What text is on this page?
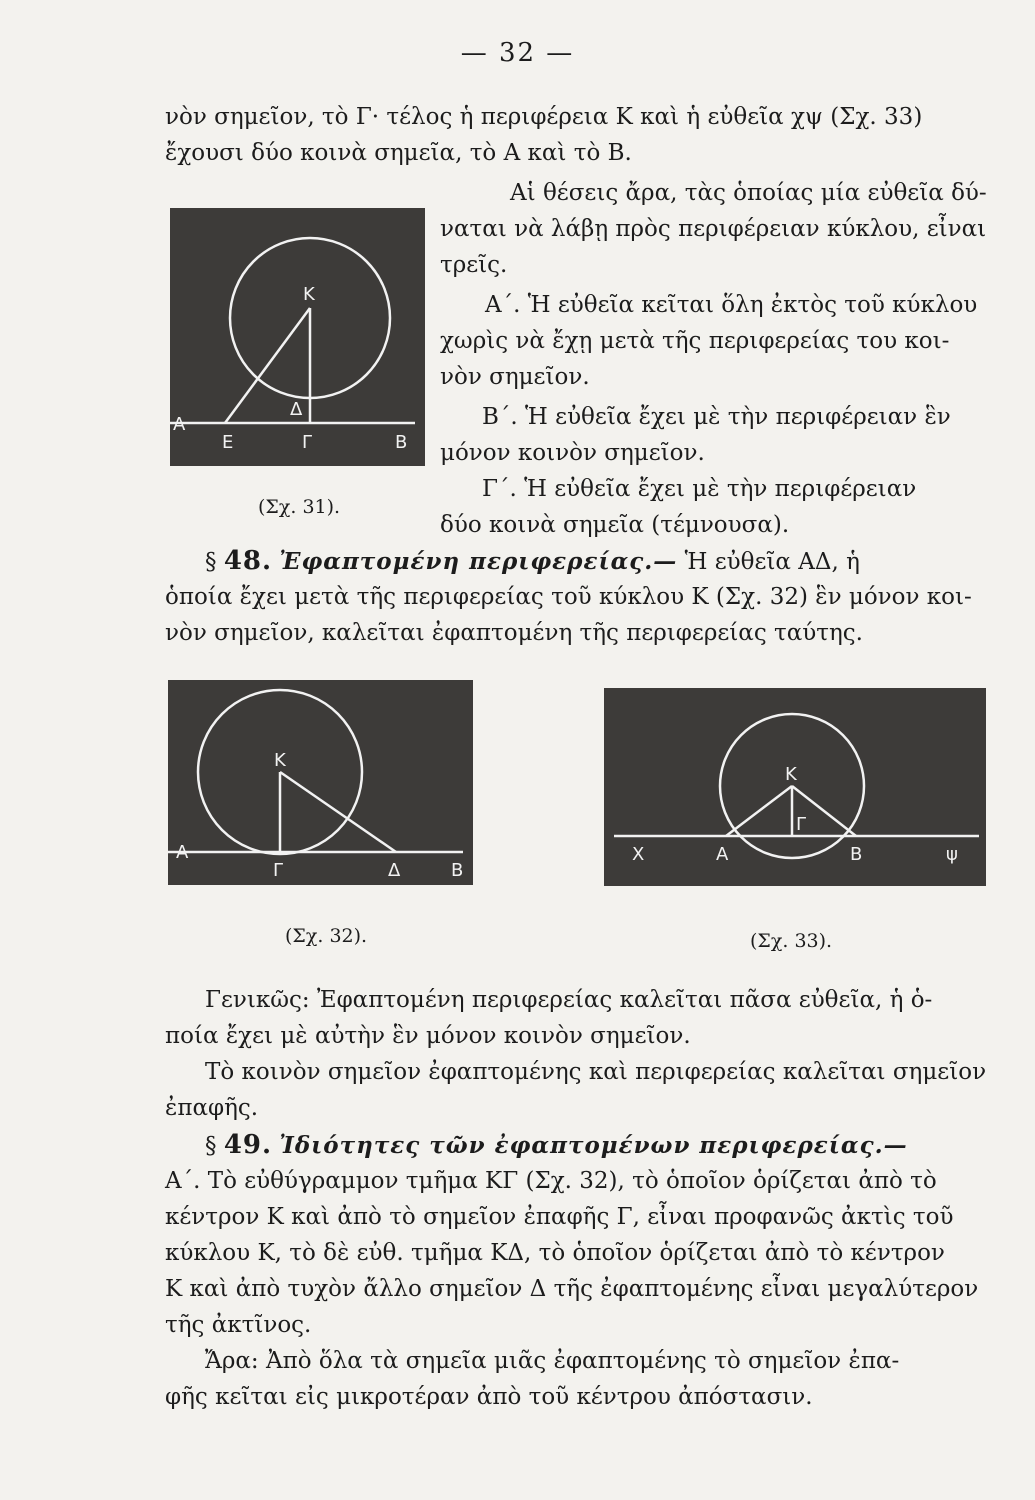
— 32 —
νὸν σημεῖον, τὸ Γ· τέλος ἡ περιφέρεια Κ καὶ ἡ εὐθεῖα χψ (Σχ. 33)
ἔχουσι δύο κοινὰ σημεῖα, τὸ Α καὶ τὸ Β.
Κ
Α
Ε	Γ	Β
Δ
(Σχ. 31).
Αἱ θέσεις ἄρα, τὰς ὁποίας μία εὐθεῖα δύ-
ναται νὰ λάβῃ πρὸς περιφέρειαν κύκλου, εἶναι
τρεῖς.
Α΄. Ἡ εὐθεῖα κεῖται ὅλη ἐκτὸς τοῦ κύκλου
χωρὶς νὰ ἔχῃ μετὰ τῆς περιφερείας του κοι-
νὸν σημεῖον.
Β΄. Ἡ εὐθεῖα ἔχει μὲ τὴν περιφέρειαν ἓν
μόνον κοινὸν σημεῖον.
Γ΄. Ἡ εὐθεῖα ἔχει μὲ τὴν περιφέρειαν
δύο κοινὰ σημεῖα (τέμνουσα).
§ 48. Ἐφαπτομένη περιφερείας.— Ἡ εὐθεῖα ΑΔ, ἡ
ὁποία ἔχει μετὰ τῆς περιφερείας τοῦ κύκλου Κ (Σχ. 32) ἓν μόνον κοι-
νὸν σημεῖον, καλεῖται ἐφαπτομένη τῆς περιφερείας ταύτης.
Κ
Α
Γ	Δ	Β
(Σχ. 32).
Κ
Χ	Α
Γ
Β	ψ
(Σχ. 33).
Γενικῶς: Ἐφαπτομένη περιφερείας καλεῖται πᾶσα εὐθεῖα, ἡ ὁ-
ποία ἔχει μὲ αὐτὴν ἓν μόνον κοινὸν σημεῖον.
Τὸ κοινὸν σημεῖον ἐφαπτομένης καὶ περιφερείας καλεῖται σημεῖον
ἐπαφῆς.
§ 49. Ἰδιότητες τῶν ἐφαπτομένων περιφερείας.—
Α΄. Τὸ εὐθύγραμμον τμῆμα ΚΓ (Σχ. 32), τὸ ὁποῖον ὁρίζεται ἀπὸ τὸ
κέντρον Κ καὶ ἀπὸ τὸ σημεῖον ἐπαφῆς Γ, εἶναι προφανῶς ἀκτὶς τοῦ
κύκλου Κ, τὸ δὲ εὐθ. τμῆμα ΚΔ, τὸ ὁποῖον ὁρίζεται ἀπὸ τὸ κέντρον
Κ καὶ ἀπὸ τυχὸν ἄλλο σημεῖον Δ τῆς ἐφαπτομένης εἶναι μεγαλύτερον
τῆς ἀκτῖνος.
Ἄρα: Ἀπὸ ὅλα τὰ σημεῖα μιᾶς ἐφαπτομένης τὸ σημεῖον ἐπα-
φῆς κεῖται εἰς μικροτέραν ἀπὸ τοῦ κέντρου ἀπόστασιν.
